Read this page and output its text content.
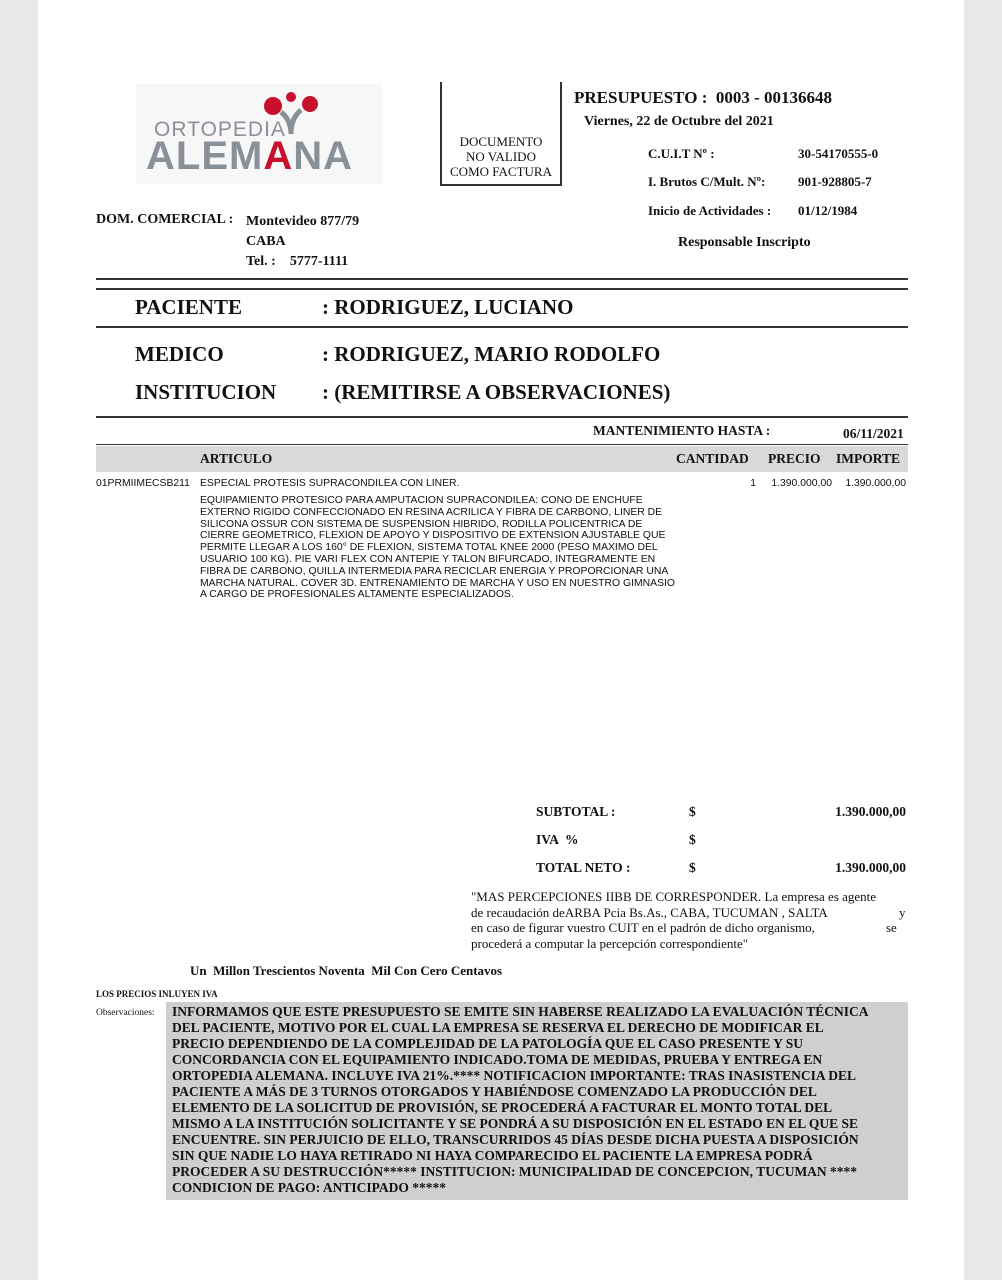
ORTOPEDIA
ALEMANA	DOCUMENTO
NO VALIDO
COMO FACTURA
PRESUPUESTO : 0003 - 00136648
Viernes, 22 de Octubre del 2021
C.U.I.T Nº :	30-54170555-0
I. Brutos C/Mult. Nº:	901-928805-7
Inicio de Actividades : 01/12/1984
Responsable Inscripto
DOM. COMERCIAL : Montevideo 877/79
CABA
Tel. : 5777-1111
PACIENTE	: RODRIGUEZ, LUCIANO
MEDICO	: RODRIGUEZ, MARIO RODOLFO
INSTITUCION : (REMITIRSE A OBSERVACIONES)
MANTENIMIENTO HASTA :	06/11/2021
ARTICULO	CANTIDAD PRECIO IMPORTE
01PRMIIMECSB211 ESPECIAL PROTESIS SUPRACONDILEA CON LINER.	1	1.390.000,00	1.390.000,00
EQUIPAMIENTO PROTESICO PARA AMPUTACION SUPRACONDILEA: CONO DE ENCHUFE
EXTERNO RIGIDO CONFECCIONADO EN RESINA ACRILICA Y FIBRA DE CARBONO, LINER DE
SILICONA OSSUR CON SISTEMA DE SUSPENSION HIBRIDO, RODILLA POLICENTRICA DE
CIERRE GEOMETRICO, FLEXION DE APOYO Y DISPOSITIVO DE EXTENSION AJUSTABLE QUE
PERMITE LLEGAR A LOS 160° DE FLEXION, SISTEMA TOTAL KNEE 2000 (PESO MAXIMO DEL
USUARIO 100 KG). PIE VARI FLEX CON ANTEPIE Y TALON BIFURCADO, INTEGRAMENTE EN
FIBRA DE CARBONO, QUILLA INTERMEDIA PARA RECICLAR ENERGIA Y PROPORCIONAR UNA
MARCHA NATURAL. COVER 3D. ENTRENAMIENTO DE MARCHA Y USO EN NUESTRO GIMNASIO
A CARGO DE PROFESIONALES ALTAMENTE ESPECIALIZADOS.
SUBTOTAL :	$	1.390.000,00
IVA  %	$
TOTAL NETO :	$	1.390.000,00
"MAS PERCEPCIONES IIBB DE CORRESPONDER. La empresa es agente
de recaudación deARBA Pcia Bs.As., CABA, TUCUMAN , SALTA	y
en caso de figurar vuestro CUIT en el padrón de dicho organismo,	se
procederá a computar la percepción correspondiente"
Un  Millon Trescientos Noventa  Mil Con Cero Centavos
LOS PRECIOS INLUYEN IVA
Observaciones:	INFORMAMOS QUE ESTE PRESUPUESTO SE EMITE SIN HABERSE REALIZADO LA EVALUACIÓN TÉCNICA
DEL PACIENTE, MOTIVO POR EL CUAL LA EMPRESA SE RESERVA EL DERECHO DE MODIFICAR EL
PRECIO DEPENDIENDO DE LA COMPLEJIDAD DE LA PATOLOGÍA QUE EL CASO PRESENTE Y SU
CONCORDANCIA CON EL EQUIPAMIENTO INDICADO.TOMA DE MEDIDAS, PRUEBA Y ENTREGA EN
ORTOPEDIA ALEMANA. INCLUYE IVA 21%.**** NOTIFICACION IMPORTANTE: TRAS INASISTENCIA DEL
PACIENTE A MÁS DE 3 TURNOS OTORGADOS Y HABIÉNDOSE COMENZADO LA PRODUCCIÓN DEL
ELEMENTO DE LA SOLICITUD DE PROVISIÓN, SE PROCEDERÁ A FACTURAR EL MONTO TOTAL DEL
MISMO A LA INSTITUCIÓN SOLICITANTE Y SE PONDRÁ A SU DISPOSICIÓN EN EL ESTADO EN EL QUE SE
ENCUENTRE. SIN PERJUICIO DE ELLO, TRANSCURRIDOS 45 DÍAS DESDE DICHA PUESTA A DISPOSICIÓN
SIN QUE NADIE LO HAYA RETIRADO NI HAYA COMPARECIDO EL PACIENTE LA EMPRESA PODRÁ
PROCEDER A SU DESTRUCCIÓN***** INSTITUCION: MUNICIPALIDAD DE CONCEPCION, TUCUMAN ****
CONDICION DE PAGO: ANTICIPADO *****
